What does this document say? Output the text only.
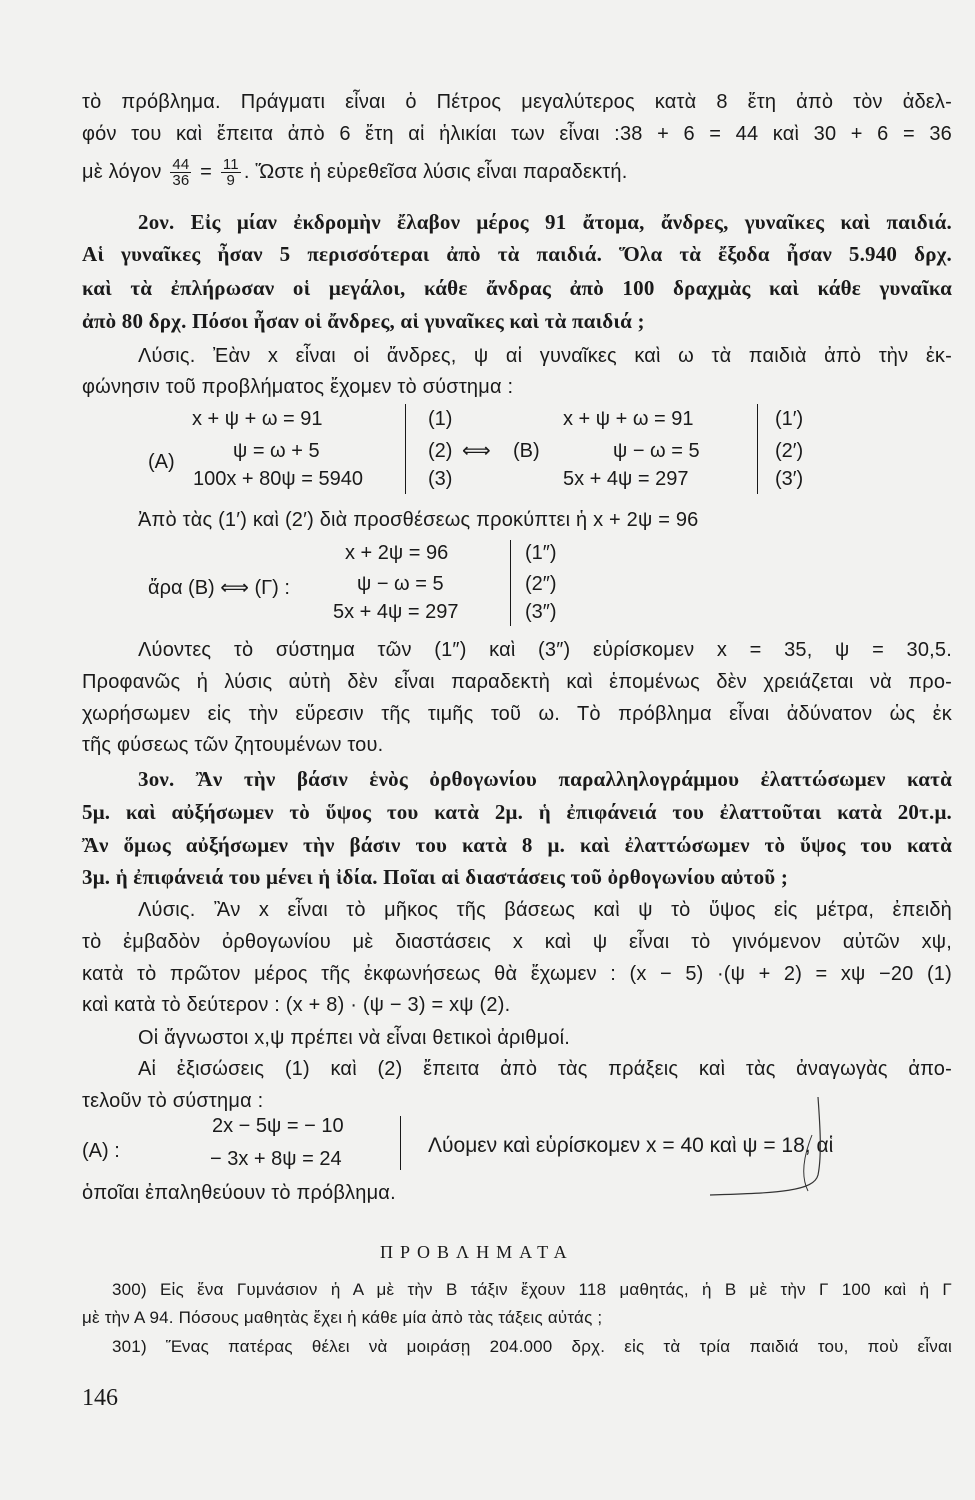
τὸ πρόβλημα. Πράγματι εἶναι ὁ Πέτρος μεγαλύτερος κατὰ 8 ἔτη ἀπὸ τὸν ἀδελ-
φόν του καὶ ἔπειτα ἀπὸ 6 ἔτη αἱ ἡλικίαι των εἶναι :38 + 6 = 44 καὶ 30 + 6 = 36
μὲ λόγον $\frac{44}{36} = \frac{11}{9}$ . Ὥστε ἡ εὑρεθεῖσα λύσις εἶναι παραδεκτή.
2ον. Εἰς μίαν ἐκδρομὴν ἔλαβον μέρος 91 ἄτομα, ἄνδρες, γυναῖκες καὶ παιδιά.
Αἱ γυναῖκες ἦσαν 5 περισσότεραι ἀπὸ τὰ παιδιά. Ὅλα τὰ ἔξοδα ἦσαν 5.940 δρχ.
καὶ τὰ ἐπλήρωσαν οἱ μεγάλοι, κάθε ἄνδρας ἀπὸ 100 δραχμὰς καὶ κάθε γυναῖκα
ἀπὸ 80 δρχ. Πόσοι ἦσαν οἱ ἄνδρες, αἱ γυναῖκες καὶ τὰ παιδιά ;
Λύσις. Ἐὰν x εἶναι οἱ ἄνδρες, ψ αἱ γυναῖκες καὶ ω τὰ παιδιὰ ἀπὸ τὴν ἐκ-
φώνησιν τοῦ προβλήματος ἔχομεν τὸ σύστημα :
(A)
x + ψ + ω = 91
ψ = ω + 5
100x + 80ψ = 5940
(1)
(2)
(3)
⟺ (B)
x + ψ + ω = 91
ψ − ω = 5
5x + 4ψ = 297
(1′)
(2′)
(3′)
Ἀπὸ τὰς (1′) καὶ (2′) διὰ προσθέσεως προκύπτει ἡ x + 2ψ = 96
ἄρα (B) ⟺ (Γ) :
x + 2ψ = 96
ψ − ω = 5
5x + 4ψ = 297
(1″)
(2″)
(3″)
Λύοντες τὸ σύστημα τῶν (1″) καὶ (3″) εὑρίσκομεν x = 35, ψ = 30,5.
Προφανῶς ἡ λύσις αὐτὴ δὲν εἶναι παραδεκτὴ καὶ ἑπομένως δὲν χρειάζεται νὰ προ-
χωρήσωμεν εἰς τὴν εὕρεσιν τῆς τιμῆς τοῦ ω. Τὸ πρόβλημα εἶναι ἀδύνατον ὡς ἐκ
τῆς φύσεως τῶν ζητουμένων του.
3ον. Ἂν τὴν βάσιν ἑνὸς ὀρθογωνίου παραλληλογράμμου ἐλαττώσωμεν κατὰ
5μ. καὶ αὐξήσωμεν τὸ ὕψος του κατὰ 2μ. ἡ ἐπιφάνειά του ἐλαττοῦται κατὰ 20τ.μ.
Ἂν ὅμως αὐξήσωμεν τὴν βάσιν του κατὰ 8 μ. καὶ ἐλαττώσωμεν τὸ ὕψος του κατὰ
3μ. ἡ ἐπιφάνειά του μένει ἡ ἰδία. Ποῖαι αἱ διαστάσεις τοῦ ὀρθογωνίου αὐτοῦ ;
Λύσις. Ἂν x εἶναι τὸ μῆκος τῆς βάσεως καὶ ψ τὸ ὕψος εἰς μέτρα, ἐπειδὴ
τὸ ἐμβαδὸν ὀρθογωνίου μὲ διαστάσεις x καὶ ψ εἶναι τὸ γινόμενον αὐτῶν xψ,
κατὰ τὸ πρῶτον μέρος τῆς ἐκφωνήσεως θὰ ἔχωμεν : (x − 5) ·(ψ + 2) = xψ −20 (1)
καὶ κατὰ τὸ δεύτερον : (x + 8) · (ψ − 3) = xψ (2).
Οἱ ἄγνωστοι x,ψ πρέπει νὰ εἶναι θετικοὶ ἀριθμοί.
Αἱ ἐξισώσεις (1) καὶ (2) ἔπειτα ἀπὸ τὰς πράξεις καὶ τὰς ἀναγωγὰς ἀπο-
τελοῦν τὸ σύστημα :
(A) :
2x − 5ψ = − 10
− 3x + 8ψ = 24
Λύομεν καὶ εὑρίσκομεν x = 40 καὶ ψ = 18, αἱ
ὁποῖαι ἐπαληθεύουν τὸ πρόβλημα.
ΠΡΟΒΛΗΜΑΤΑ
300) Εἰς ἕνα Γυμνάσιον ἡ Α μὲ τὴν Β τάξιν ἔχουν 118 μαθητάς, ἡ Β μὲ τὴν Γ 100 καὶ ἡ Γ
μὲ τὴν Α 94. Πόσους μαθητὰς ἔχει ἡ κάθε μία ἀπὸ τὰς τάξεις αὐτάς ;
301) Ἕνας πατέρας θέλει νὰ μοιράσῃ 204.000 δρχ. εἰς τὰ τρία παιδιά του, ποὺ εἶναι
146
